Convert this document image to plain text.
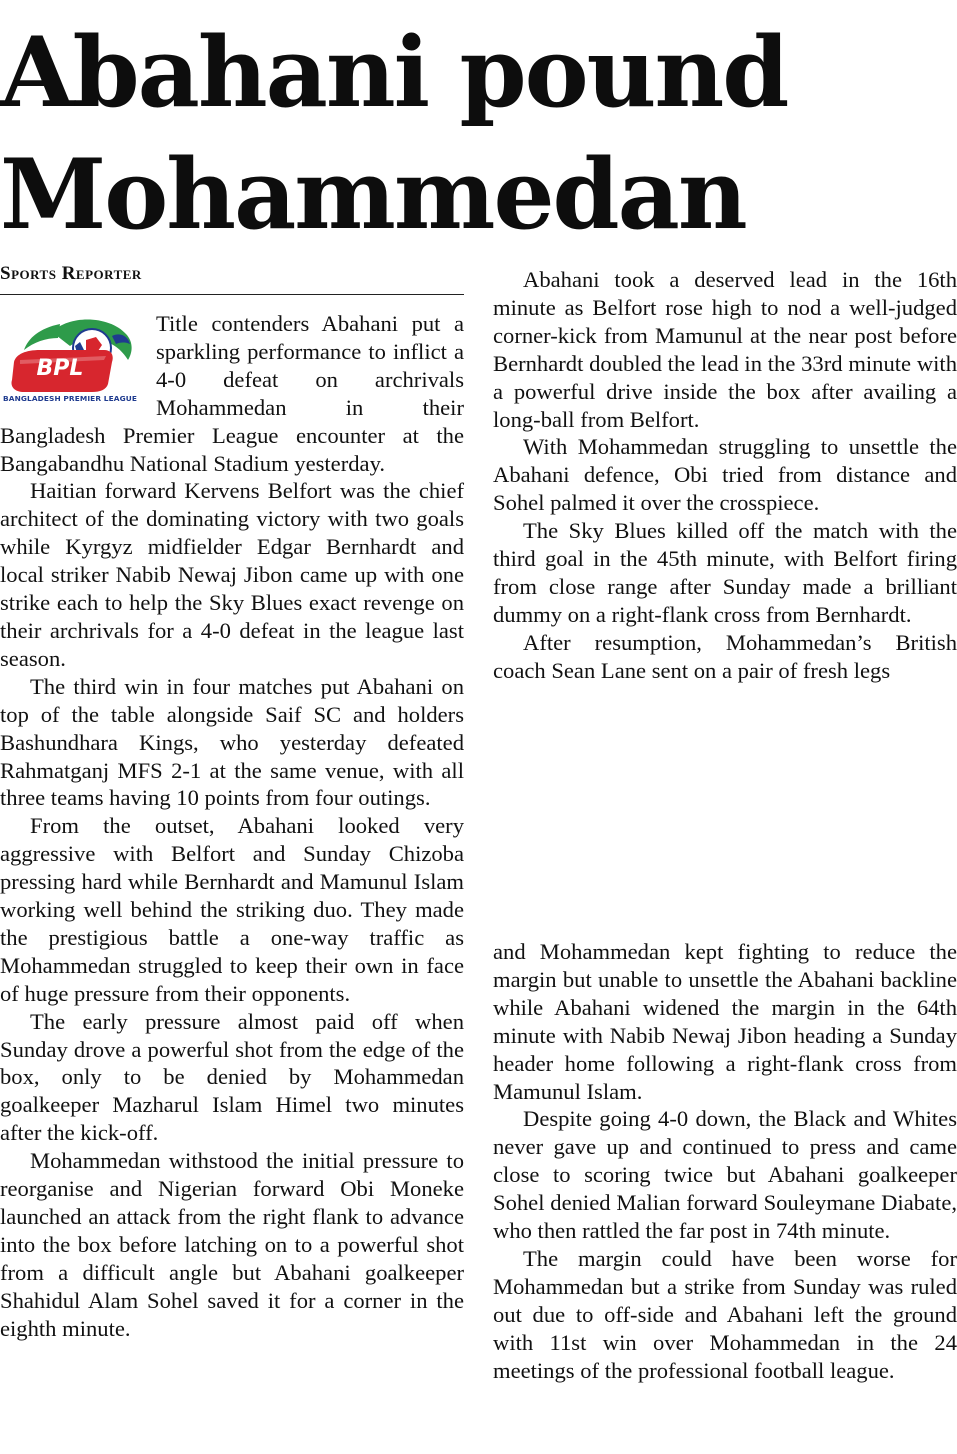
Abahani pound Mohammedan
Sports Reporter
BPL
BANGLADESH PREMIER LEAGUE

Title contenders Abahani put a sparkling performance to inflict a 4-0 defeat on archrivals Mohammedan in their Bangladesh Premier League encounter at the Bangabandhu National Stadium yesterday.

Haitian forward Kervens Belfort was the chief architect of the dominating victory with two goals while Kyrgyz midfielder Edgar Bernhardt and local striker Nabib Newaj Jibon came up with one strike each to help the Sky Blues exact revenge on their archrivals for a 4-0 defeat in the league last season.

The third win in four matches put Abahani on top of the table alongside Saif SC and holders Bashundhara Kings, who yesterday defeated Rahmatganj MFS 2-1 at the same venue, with all three teams having 10 points from four outings.

From the outset, Abahani looked very aggressive with Belfort and Sunday Chizoba pressing hard while Bernhardt and Mamunul Islam working well behind the striking duo. They made the prestigious battle a one-way traffic as Mohammedan struggled to keep their own in face of huge pressure from their opponents.

The early pressure almost paid off when Sunday drove a powerful shot from the edge of the box, only to be denied by Mohammedan goalkeeper Mazharul Islam Himel two minutes after the kick-off.

Mohammedan withstood the initial pressure to reorganise and Nigerian forward Obi Moneke launched an attack from the right flank to advance into the box before latching on to a powerful shot from a difficult angle but Abahani goalkeeper Shahidul Alam Sohel saved it for a corner in the eighth minute.

Abahani took a deserved lead in the 16th minute as Belfort rose high to nod a well-judged corner-kick from Mamunul at the near post before Bernhardt doubled the lead in the 33rd minute with a powerful drive inside the box after availing a long-ball from Belfort.

With Mohammedan struggling to unsettle the Abahani defence, Obi tried from distance and Sohel palmed it over the crosspiece.

The Sky Blues killed off the match with the third goal in the 45th minute, with Belfort firing from close range after Sunday made a brilliant dummy on a right-flank cross from Bernhardt.

After resumption, Mohammedan’s British coach Sean Lane sent on a pair of fresh legs

and Mohammedan kept fighting to reduce the margin but unable to unsettle the Abahani backline while Abahani widened the margin in the 64th minute with Nabib Newaj Jibon heading a Sunday header home following a right-flank cross from Mamunul Islam.

Despite going 4-0 down, the Black and Whites never gave up and continued to press and came close to scoring twice but Abahani goalkeeper Sohel denied Malian forward Souleymane Diabate, who then rattled the far post in 74th minute.

The margin could have been worse for Mohammedan but a strike from Sunday was ruled out due to off-side and Abahani left the ground with 11st win over Mohammedan in the 24 meetings of the professional football league.
